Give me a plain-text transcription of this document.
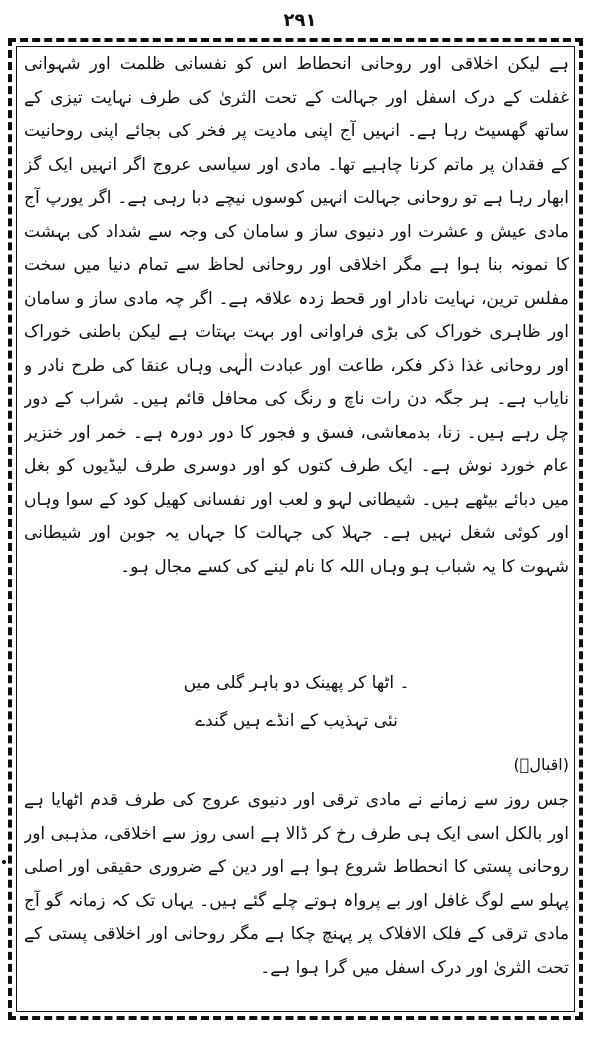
۲۹۱

ہے لیکن اخلاقی اور روحانی انحطاط اس کو نفسانی ظلمت اور شہوانی غفلت کے درک اسفل اور جہالت کے تحت الثریٰ کی طرف نہایت تیزی کے ساتھ گھسیٹ رہا ہے۔ انہیں آج اپنی مادیت پر فخر کی بجائے اپنی روحانیت کے فقدان پر ماتم کرنا چاہیے تھا۔ مادی اور سیاسی عروج اگر انہیں ایک گز ابھار رہا ہے تو روحانی جہالت انہیں کوسوں نیچے دبا رہی ہے۔ اگر یورپ آج مادی عیش و عشرت اور دنیوی ساز و سامان کی وجہ سے شداد کی بہشت کا نمونہ بنا ہوا ہے مگر اخلاقی اور روحانی لحاظ سے تمام دنیا میں سخت مفلس ترین، نہایت نادار اور قحط زدہ علاقہ ہے۔ اگر چہ مادی ساز و سامان اور ظاہری خوراک کی بڑی فراوانی اور بہت بہتات ہے لیکن باطنی خوراک اور روحانی غذا ذکر فکر، طاعت اور عبادت الٰہی وہاں عنقا کی طرح نادر و نایاب ہے۔ ہر جگہ دن رات ناچ و رنگ کی محافل قائم ہیں۔ شراب کے دور چل رہے ہیں۔ زنا، بدمعاشی، فسق و فجور کا دور دورہ ہے۔ خمر اور خنزیر عام خورد نوش ہے۔ ایک طرف کتوں کو اور دوسری طرف لیڈیوں کو بغل میں دبائے بیٹھے ہیں۔ شیطانی لہو و لعب اور نفسانی کھیل کود کے سوا وہاں اور کوئی شغل نہیں ہے۔ جہلا کی جہالت کا جہاں یہ جوبن اور شیطانی شہوت کا یہ شباب ہو وہاں اللہ کا نام لینے کی کسے مجال ہو۔

۔ اٹھا کر پھینک دو باہر گلی میں
نئی تہذیب کے انڈے ہیں گندے
(اقبالؒ)

جس روز سے زمانے نے مادی ترقی اور دنیوی عروج کی طرف قدم اٹھایا ہے اور بالکل اسی ایک ہی طرف رخ کر ڈالا ہے اسی روز سے اخلاقی، مذہبی اور روحانی پستی کا انحطاط شروع ہوا ہے اور دین کے ضروری حقیقی اور اصلی پہلو سے لوگ غافل اور بے پرواہ ہوتے چلے گئے ہیں۔ یہاں تک کہ زمانہ گو آج مادی ترقی کے فلک الافلاک پر پہنچ چکا ہے مگر روحانی اور اخلاقی پستی کے تحت الثریٰ اور درک اسفل میں گرا ہوا ہے۔
